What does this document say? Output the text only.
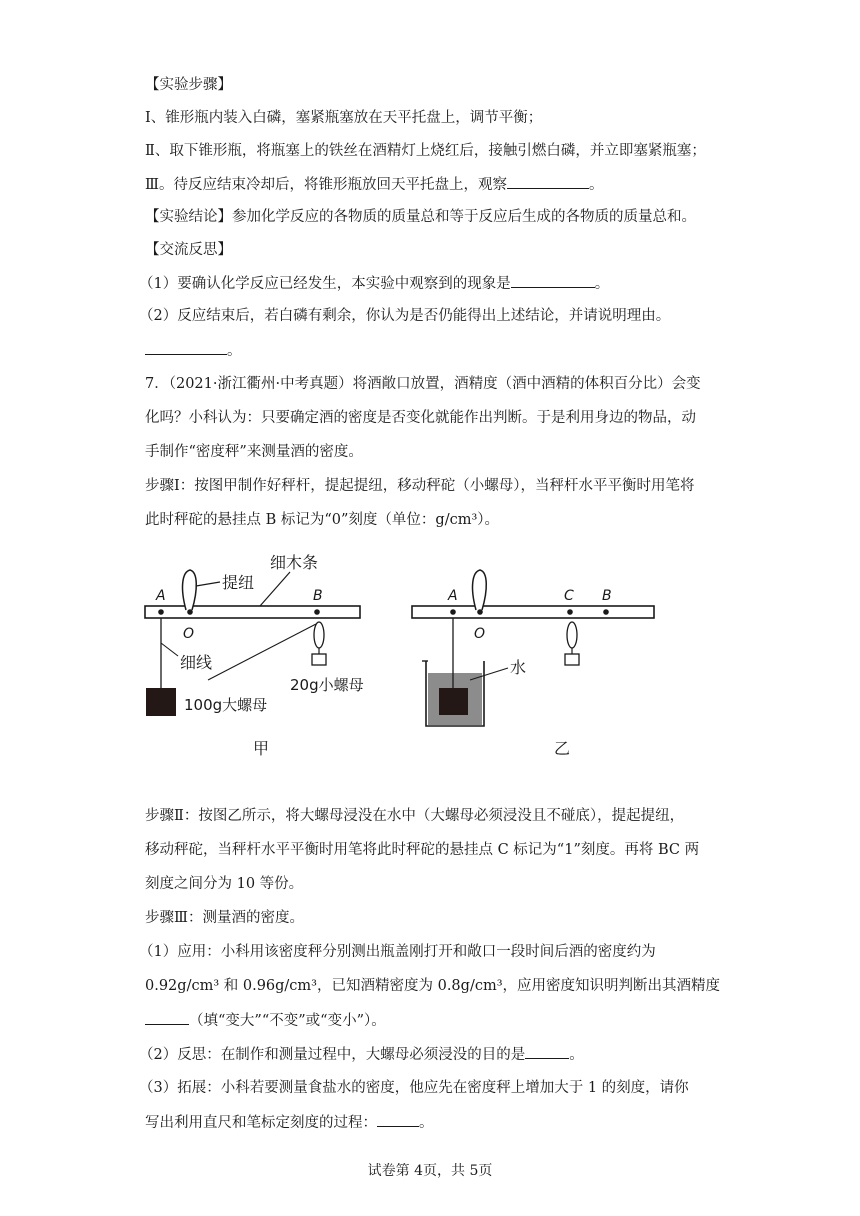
【实验步骤】
Ⅰ、锥形瓶内装入白磷，塞紧瓶塞放在天平托盘上，调节平衡；
Ⅱ、取下锥形瓶，将瓶塞上的铁丝在酒精灯上烧红后，接触引燃白磷，并立即塞紧瓶塞；
Ⅲ。待反应结束冷却后，将锥形瓶放回天平托盘上，观察	。
【实验结论】参加化学反应的各物质的质量总和等于反应后生成的各物质的质量总和。
【交流反思】
（1）要确认化学反应已经发生，本实验中观察到的现象是	。
（2）反应结束后，若白磷有剩余，你认为是否仍能得出上述结论，并请说明理由。
。
7．（2021·浙江衢州·中考真题）将酒敞口放置，酒精度（酒中酒精的体积百分比）会变
化吗？小科认为：只要确定酒的密度是否变化就能作出判断。于是利用身边的物品，动
手制作“密度秤”来测量酒的密度。
步骤Ⅰ：按图甲制作好秤杆，提起提纽，移动秤砣（小螺母），当秤杆水平平衡时用笔将
此时秤砣的悬挂点 B 标记为“0”刻度（单位：g/cm³）。
提纽
细木条
A
O
B
100g大螺母
细线
20g小螺母
甲
A
O
C B
水
乙
步骤Ⅱ：按图乙所示，将大螺母浸没在水中（大螺母必须浸没且不碰底），提起提纽，
移动秤砣，当秤杆水平平衡时用笔将此时秤砣的悬挂点 C 标记为“1”刻度。再将 BC 两
刻度之间分为 10 等份。
步骤Ⅲ：测量酒的密度。
（1）应用：小科用该密度秤分别测出瓶盖刚打开和敞口一段时间后酒的密度约为
0.92g/cm³ 和 0.96g/cm³，已知酒精密度为 0.8g/cm³，应用密度知识明判断出其酒精度
（填“变大”“不变”或“变小”）。
（2）反思：在制作和测量过程中，大螺母必须浸没的目的是	。
（3）拓展：小科若要测量食盐水的密度，他应先在密度秤上增加大于 1 的刻度，请你
写出利用直尺和笔标定刻度的过程：	。
试卷第 4页，共 5页
